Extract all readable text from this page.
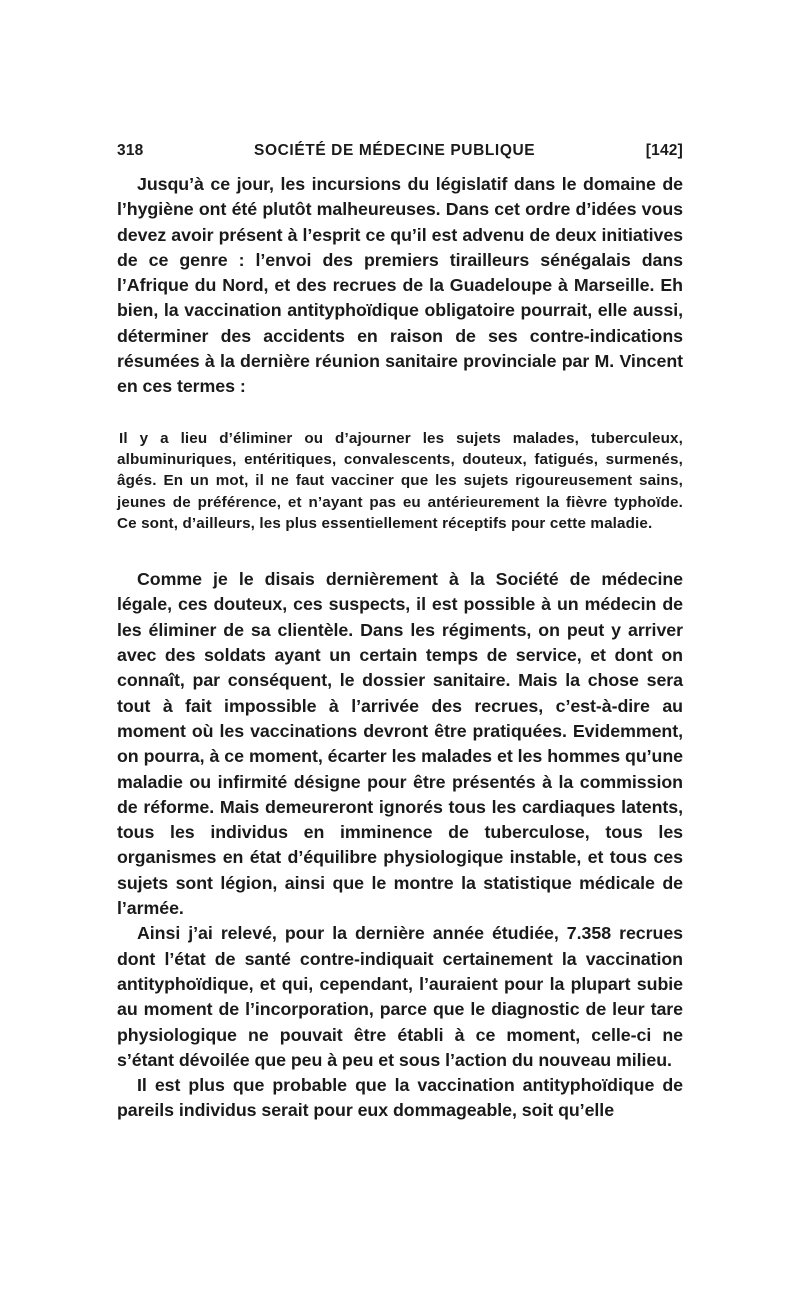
318	SOCIÉTÉ DE MÉDECINE PUBLIQUE	[142]

Jusqu’à ce jour, les incursions du législatif dans le domaine de l’hygiène ont été plutôt malheureuses. Dans cet ordre d’idées vous devez avoir présent à l’esprit ce qu’il est advenu de deux initiatives de ce genre : l’envoi des premiers tirailleurs sénégalais dans l’Afrique du Nord, et des recrues de la Guadeloupe à Marseille. Eh bien, la vaccination antityphoïdique obligatoire pourrait, elle aussi, déterminer des accidents en raison de ses contre-indications résumées à la dernière réunion sanitaire provinciale par M. Vincent en ces termes :

Il y a lieu d’éliminer ou d’ajourner les sujets malades, tuberculeux, albuminuriques, entéritiques, convalescents, douteux, fatigués, surmenés, âgés. En un mot, il ne faut vacciner que les sujets rigoureusement sains, jeunes de préférence, et n’ayant pas eu antérieurement la fièvre typhoïde. Ce sont, d’ailleurs, les plus essentiellement réceptifs pour cette maladie.

Comme je le disais dernièrement à la Société de médecine légale, ces douteux, ces suspects, il est possible à un médecin de les éliminer de sa clientèle. Dans les régiments, on peut y arriver avec des soldats ayant un certain temps de service, et dont on connaît, par conséquent, le dossier sanitaire. Mais la chose sera tout à fait impossible à l’arrivée des recrues, c’est-à-dire au moment où les vaccinations devront être pratiquées. Evidemment, on pourra, à ce moment, écarter les malades et les hommes qu’une maladie ou infirmité désigne pour être présentés à la commission de réforme. Mais demeureront ignorés tous les cardiaques latents, tous les individus en imminence de tuberculose, tous les organismes en état d’équilibre physiologique instable, et tous ces sujets sont légion, ainsi que le montre la statistique médicale de l’armée.

Ainsi j’ai relevé, pour la dernière année étudiée, 7.358 recrues dont l’état de santé contre-indiquait certainement la vaccination antityphoïdique, et qui, cependant, l’auraient pour la plupart subie au moment de l’incorporation, parce que le diagnostic de leur tare physiologique ne pouvait être établi à ce moment, celle-ci ne s’étant dévoilée que peu à peu et sous l’action du nouveau milieu.

Il est plus que probable que la vaccination antityphoïdique de pareils individus serait pour eux dommageable, soit qu’elle
